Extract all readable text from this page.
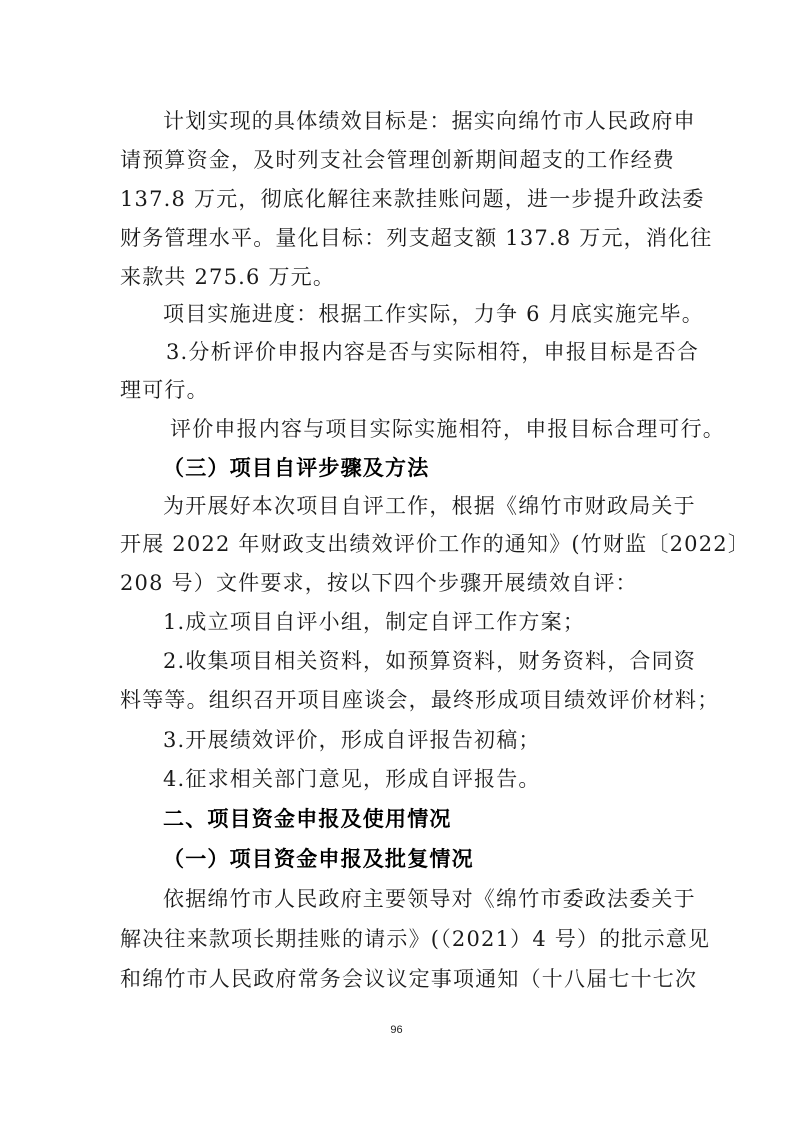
计划实现的具体绩效目标是：据实向绵竹市人民政府申
请预算资金，及时列支社会管理创新期间超支的工作经费
137.8 万元，彻底化解往来款挂账问题，进一步提升政法委
财务管理水平。量化目标：列支超支额 137.8 万元，消化往
来款共 275.6 万元。
项目实施进度：根据工作实际，力争 6 月底实施完毕。
3.分析评价申报内容是否与实际相符，申报目标是否合
理可行。
评价申报内容与项目实际实施相符，申报目标合理可行。
（三）项目自评步骤及方法
为开展好本次项目自评工作，根据《绵竹市财政局关于
开展 2022 年财政支出绩效评价工作的通知》(竹财监〔2022〕
208 号）文件要求，按以下四个步骤开展绩效自评：
1.成立项目自评小组，制定自评工作方案；
2.收集项目相关资料，如预算资料，财务资料，合同资
料等等。组织召开项目座谈会，最终形成项目绩效评价材料；
3.开展绩效评价，形成自评报告初稿；
4.征求相关部门意见，形成自评报告。
二、项目资金申报及使用情况
（一）项目资金申报及批复情况
依据绵竹市人民政府主要领导对《绵竹市委政法委关于
解决往来款项长期挂账的请示》(（2021）4 号）的批示意见
和绵竹市人民政府常务会议议定事项通知（十八届七十七次
96
